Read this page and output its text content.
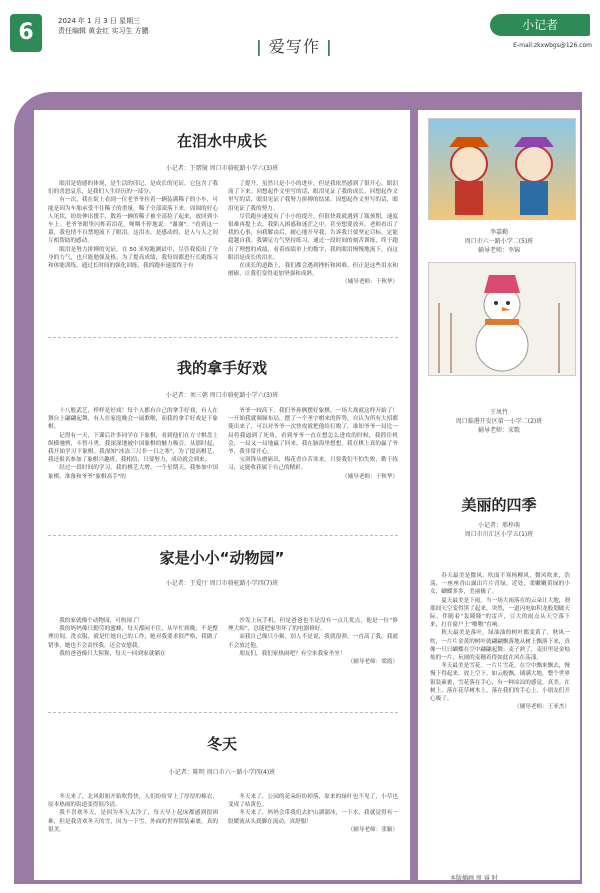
6	2024 年 1 月 3 日 星期三
责任编辑 黄金红 实习生 方鹏
| 爱写作 |
小记者
E-mail:zkxwbgs@126.com
在泪水中成长
小记者：王熠镜 周口市骆驼路小学六(3)班

眼泪是情感的体现，是生活的印记，是成长的见证。它包含了我们的喜怒哀乐，是我们人生经历的一部分。

有一次，我在街上看到一位老爷爷拉着一辆装满稀子的小车，可能是因为车胎承受不住稀子的重量，稀子全部滚落下来。周围的好心人见状，纷纷伸出援手，数着一辆的稀子被全部捡了起来，放回到小车上。老爷爷眼里闪烁着泪花，哽咽不停地说："谢谢"。"看到这一幕，我也情不自禁地流下了眼泪。这泪水，是感动的，是人与人之间互相帮助的感动。

眼泪是努力拼搏的见证。在 50 米短跑测试中，尽管我使出了全身的力气，也只能勉强及格。为了提高成绩，我每周都进行长跑练习和体能训练，通过长时间的强化训练，我的跑步速度终于有

了提升。虽然只是小小的进步，但是我依然感到了很开心，眼泪流了下来。回想起作文里写的话，眼泪见证了我的成长。回想起作文里写的话，眼泪见证了我努力拼搏的结果。因想起作文里写的话，眼泪见证了我的努力。

尽管跑步速度有了小小的提升，但很快我就遇到了瓶颈期，速度很难再提上去，我陷入困惑和迷茫之中，甚至想要放弃。老师看出了我的心事，向我解由后，耐心地开导我，告诉我只要坚定目标，定能超越自我。我铆足力气坚持练习，通过一段时间的刻苦训练，终于跑出了理想的成绩，看着成绩单上的数字，我的眼泪慢慢地流下，而这眼泪是成长的泪水。

在成长的道路上，我们都会遇到挫折和困难，但正是这些泪水和磨砺，让我们变得更加坚强和成熟。

（辅导老师：于秋华）

我的拿手好戏
小记者：刘三朝 周口市骆驼路小学六(3)班

十八般武艺，样样是好戏！每个人都有自己的拿手好戏，有人在舞台上翩翩起舞，有人在家庭晚会一展歌喉，而我的拿手好戏是下象棋。

记得有一天，下课后许多同学在下象棋，看到他们在方寸棋盘上纵横驰骋，斗智斗勇，我深深地被中国象棋的魅力吸引。从那时起，我开始学习下象棋。我深知"冰冻三尺非一日之寒"，为了提高棋艺，我还报名参加了象棋兴趣班。我相信，只要努力，成功就会到来。

经过一段时间的学习，我的棋艺大增。一个星期天，我参加中国象棋，准备和爷爷"象棋高手"的

爷爷一较高下。我们爷孙俩摆好象棋，一场大战就这样开始了！一开始我就频频布局，摆了一个圣字棋来的阵势，自认为所有大招都使出来了，可以对爷爷一次快攻就把他给打败了，谁知爷爷一局比一局将我逼到了死角，看到爷爷一直在想怎么进攻的时候，我抓住机会，一局又一局地赢了回来，我在脑海里想想，我在棋上真的赢了爷爷，我非常开心。

宝剑锋从磨砺出，梅花香自苦寒来。只要我们不怕失败，勤于练习，定能收获属于自己的精彩。

（辅导老师：于秋华）

家是小小“动物园”
小记者：王爱厅 周口市骆驼路小学四(7)班

我的家就像个动物园，可热闹了！

我的妈妈像只勤劳的蜜蜂，每天都闲不住，从早忙到晚，不是整理房间，洗衣服，就是忙她自己的工作，她对我要求很严格，我做了错事，她也不会责怪我，还会安慰我。

我的爸爸像只大猩猩，每天一回到家就躺在

沙发上玩手机，但是爸爸也不是没有一点儿优点，他是一位“修理大师”，总能把家里坏了的电器修好。

而我自己像只小猴，别人不是说，我就很弹，一直高了我，我就不会放过他。

朋友们，我们家热闹吧？有空来我家坐坐！

（辅导老师：梁霞）

冬天
小记者：陈明 周口市六一路小学四(4)班

冬天来了，北风姐姐开始吹得快，人们纷纷穿上了厚厚的棉衣，原本热闹的街道变得很冷清。

我不喜欢冬天，是因为冬天太冷了，每天早上起床都感到很困难，但是我喜欢冬天的雪，因为一下雪，外面的世界银装素裹，真的很美。

冬天来了，公园的花朵纷纷掉落，原来的绿叶也不见了，小草也变成了枯黄色。

冬天来了，妈妈会带我们去护山湖溜冰，一下水，我就觉得有一股暖流从头到脚在流动，真舒服！

（辅导老师：张颖）

李嘉勤
周口市六一路小学二(5)班
辅导老师：李锦
王凤竹
周口临港开发区第一小学二(2)班
辅导老师：宋歌
美丽的四季
小记者：邢梓萌
周口市川汇区小学五(1)班

春天最美是微风。吹面不寒杨柳风，微风吹来，浩荡，一座座青山露出片片青绿，近处，柔嫩嫩黄绿的小女，蝴蝶多多，美丽极了。

夏天最美是下雨。当一场大雨落在的云朵让大地，刹那间天空变得黑了起来，突然，一道闪电如积龙般划破天际，伴随着“轰隆隆”的雷声，豆大的雨点从天空落下来，打在窗户上“啪啪”直响。

秋天最美是落叶。绿油油的树叶都变黄了，秋风一吹，一片片金黄的树叶就翩翩飘落地从树上飘落下来，真像一只只蝴蝶在空中翩翩起舞；麦子熟了，麦田里是金灿灿的一片，玩闹的麦穗着得如此在风在荡漾。

冬天最美是雪花。一片片雪花，在空中飘来飘去，慢慢下得起来，放上空下，如云般飘，铺满大地，整个世界银装素裹，雪花落在手心，有一种凉凉的感觉，真美。在树上，落在花草树木上，落在我们的手心上，小朋友们开心极了。

（辅导老师：王亚杰）

本版插画 周 睿 时
